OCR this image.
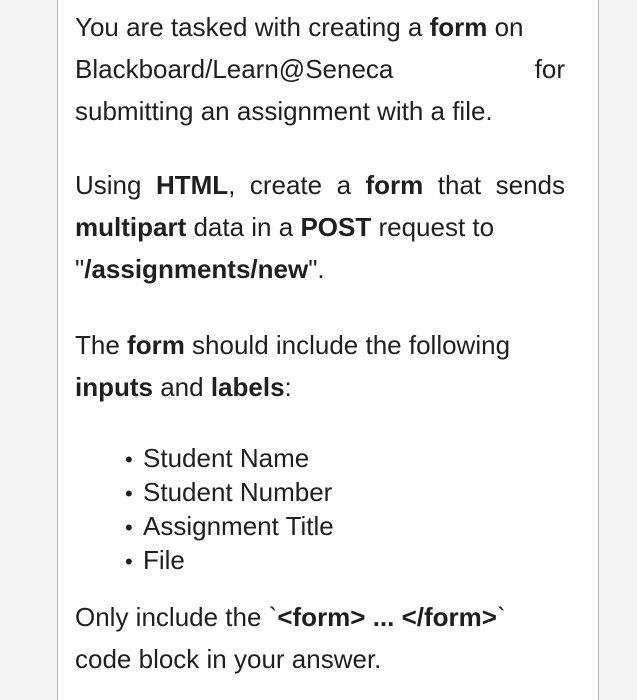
You are tasked with creating a form on

Blackboard/Learn@Seneca	for
submitting an assignment with a file.

Using HTML, create a form that sends multipart data in a POST request to
"/assignments/new".

The form should include the following
inputs and labels:

• Student Name
• Student Number
• Assignment Title
• File

Only include the `<form> ... </form>`
code block in your answer.
